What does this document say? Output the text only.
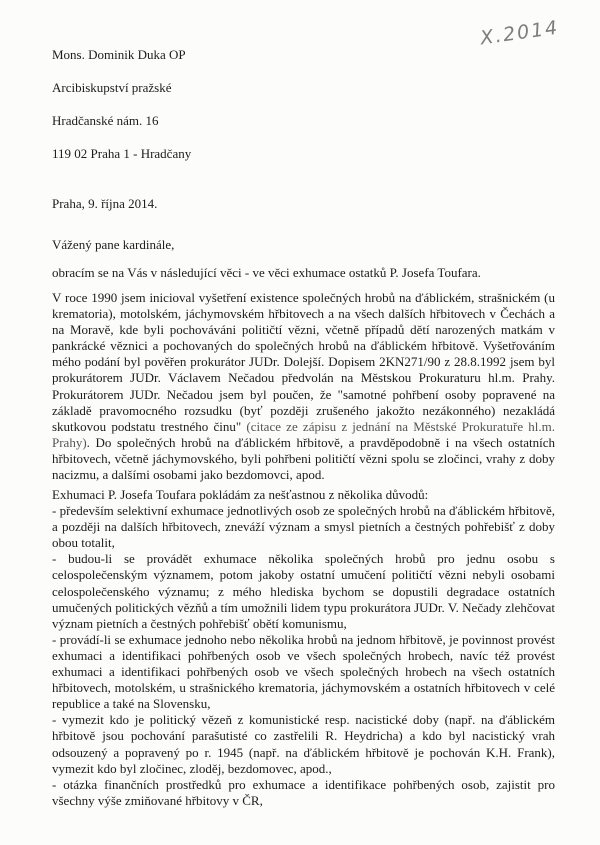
X.2014
Mons. Dominik Duka OP
Arcibiskupství pražské
Hradčanské nám. 16
119 02 Praha 1 - Hradčany
Praha, 9. října 2014.
Vážený pane kardinále,
obracím se na Vás v následující věci - ve věci exhumace ostatků P. Josefa Toufara.
V roce 1990 jsem inicioval vyšetření existence společných hrobů na ďáblickém, strašnickém (u krematoria), motolském, jáchymovském hřbitovech a na všech dalších hřbitovech v Čechách a na Moravě, kde byli pochováváni političtí vězni, včetně případů dětí narozených matkám v pankrácké věznici a pochovaných do společných hrobů na ďáblickém hřbitově. Vyšetřováním mého podání byl pověřen prokurátor JUDr. Dolejší. Dopisem 2KN271/90 z 28.8.1992 jsem byl prokurátorem JUDr. Václavem Nečadou předvolán na Městskou Prokuraturu hl.m. Prahy. Prokurátorem JUDr. Nečadou jsem byl poučen, že "samotné pohřbení osoby popravené na základě pravomocného rozsudku (byť později zrušeného jakožto nezákonného) nezakládá skutkovou podstatu trestného činu" (citace ze zápisu z jednání na Městské Prokuratuře hl.m. Prahy). Do společných hrobů na ďáblickém hřbitově, a pravděpodobně i na všech ostatních hřbitovech, včetně jáchymovského, byli pohřbeni političtí vězni spolu se zločinci, vrahy z doby nacizmu, a dalšími osobami jako bezdomovci, apod.
Exhumaci P. Josefa Toufara pokládám za nešťastnou z několika důvodů:
- především selektivní exhumace jednotlivých osob ze společných hrobů na ďáblickém hřbitově, a později na dalších hřbitovech, zneváží význam a smysl pietních a čestných pohřebišť z doby obou totalit,
- budou-li se provádět exhumace několika společných hrobů pro jednu osobu s celospolečenským významem, potom jakoby ostatní umučení političtí vězni nebyli osobami celospolečenského významu; z mého hlediska bychom se dopustili degradace ostatních umučených politických vězňů a tím umožnili lidem typu prokurátora JUDr. V. Nečady zlehčovat význam pietních a čestných pohřebišť obětí komunismu,
- provádí-li se exhumace jednoho nebo několika hrobů na jednom hřbitově, je povinnost provést exhumaci a identifikaci pohřbených osob ve všech společných hrobech, navíc též provést exhumaci a identifikaci pohřbených osob ve všech společných hrobech na všech ostatních hřbitovech, motolském, u strašnického krematoria, jáchymovském a ostatních hřbitovech v celé republice a také na Slovensku,
- vymezit kdo je politický vězeň z komunistické resp. nacistické doby (např. na ďáblickém hřbitově jsou pochování parašutisté co zastřelili R. Heydricha) a kdo byl nacistický vrah odsouzený a popravený po r. 1945 (např. na ďáblickém hřbitově je pochován K.H. Frank), vymezit kdo byl zločinec, zloděj, bezdomovec, apod.,
- otázka finančních prostředků pro exhumace a identifikace pohřbených osob, zajistit pro všechny výše zmiňované hřbitovy v ČR,
